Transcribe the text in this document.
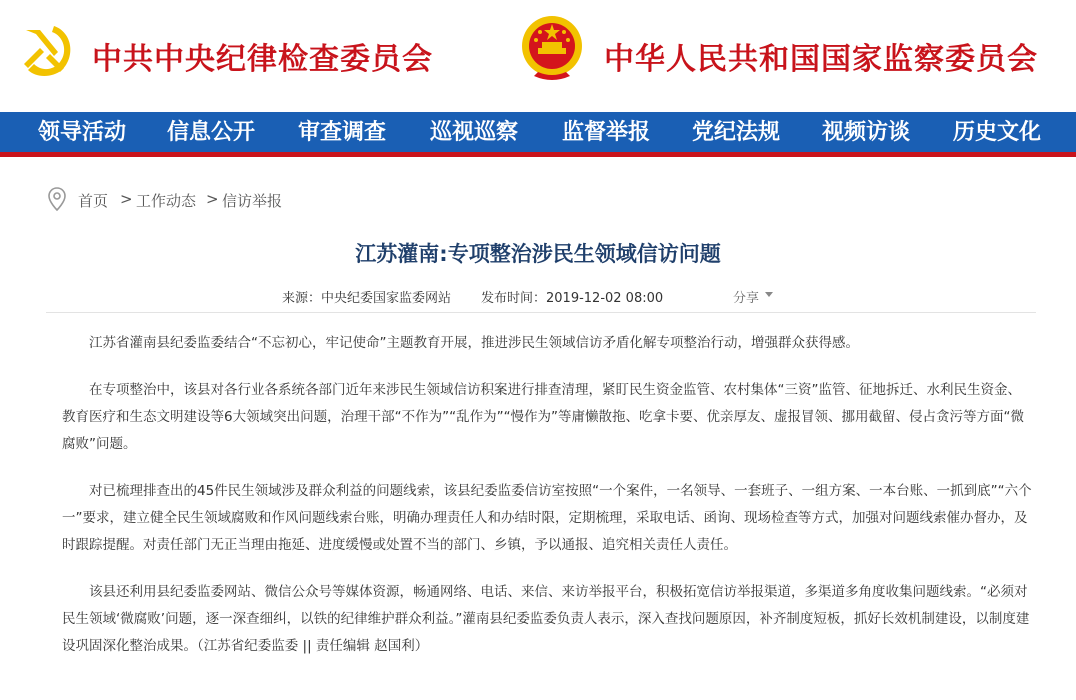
中共中央纪律检查委员会	中华人民共和国国家监察委员会
领导活动 信息公开 审查调查 巡视巡察 监督举报 党纪法规 视频访谈 历史文化
首页 > 工作动态 > 信访举报
江苏灌南:专项整治涉民生领域信访问题
来源：中央纪委国家监委网站 发布时间：2019-12-02 08:00	分享

江苏省灌南县纪委监委结合“不忘初心，牢记使命”主题教育开展，推进涉民生领域信访矛盾化解专项整治行动，增强群众获得感。

在专项整治中，该县对各行业各系统各部门近年来涉民生领域信访积案进行排查清理，紧盯民生资金监管、农村集体“三资”监管、征地拆迁、水利民生资金、教育医疗和生态文明建设等6大领域突出问题，治理干部“不作为”“乱作为”“慢作为”等庸懒散拖、吃拿卡要、优亲厚友、虚报冒领、挪用截留、侵占贪污等方面“微腐败”问题。

对已梳理排查出的45件民生领域涉及群众利益的问题线索，该县纪委监委信访室按照“一个案件，一名领导、一套班子、一组方案、一本台账、一抓到底”“六个一”要求，建立健全民生领域腐败和作风问题线索台账，明确办理责任人和办结时限，定期梳理，采取电话、函询、现场检查等方式，加强对问题线索催办督办，及时跟踪提醒。对责任部门无正当理由拖延、进度缓慢或处置不当的部门、乡镇，予以通报、追究相关责任人责任。

该县还利用县纪委监委网站、微信公众号等媒体资源，畅通网络、电话、来信、来访举报平台，积极拓宽信访举报渠道，多渠道多角度收集问题线索。“必须对民生领域‘微腐败’问题，逐一深查细纠，以铁的纪律维护群众利益。”灌南县纪委监委负责人表示，深入查找问题原因，补齐制度短板，抓好长效机制建设，以制度建设巩固深化整治成果。（江苏省纪委监委 || 责任编辑 赵国利）
